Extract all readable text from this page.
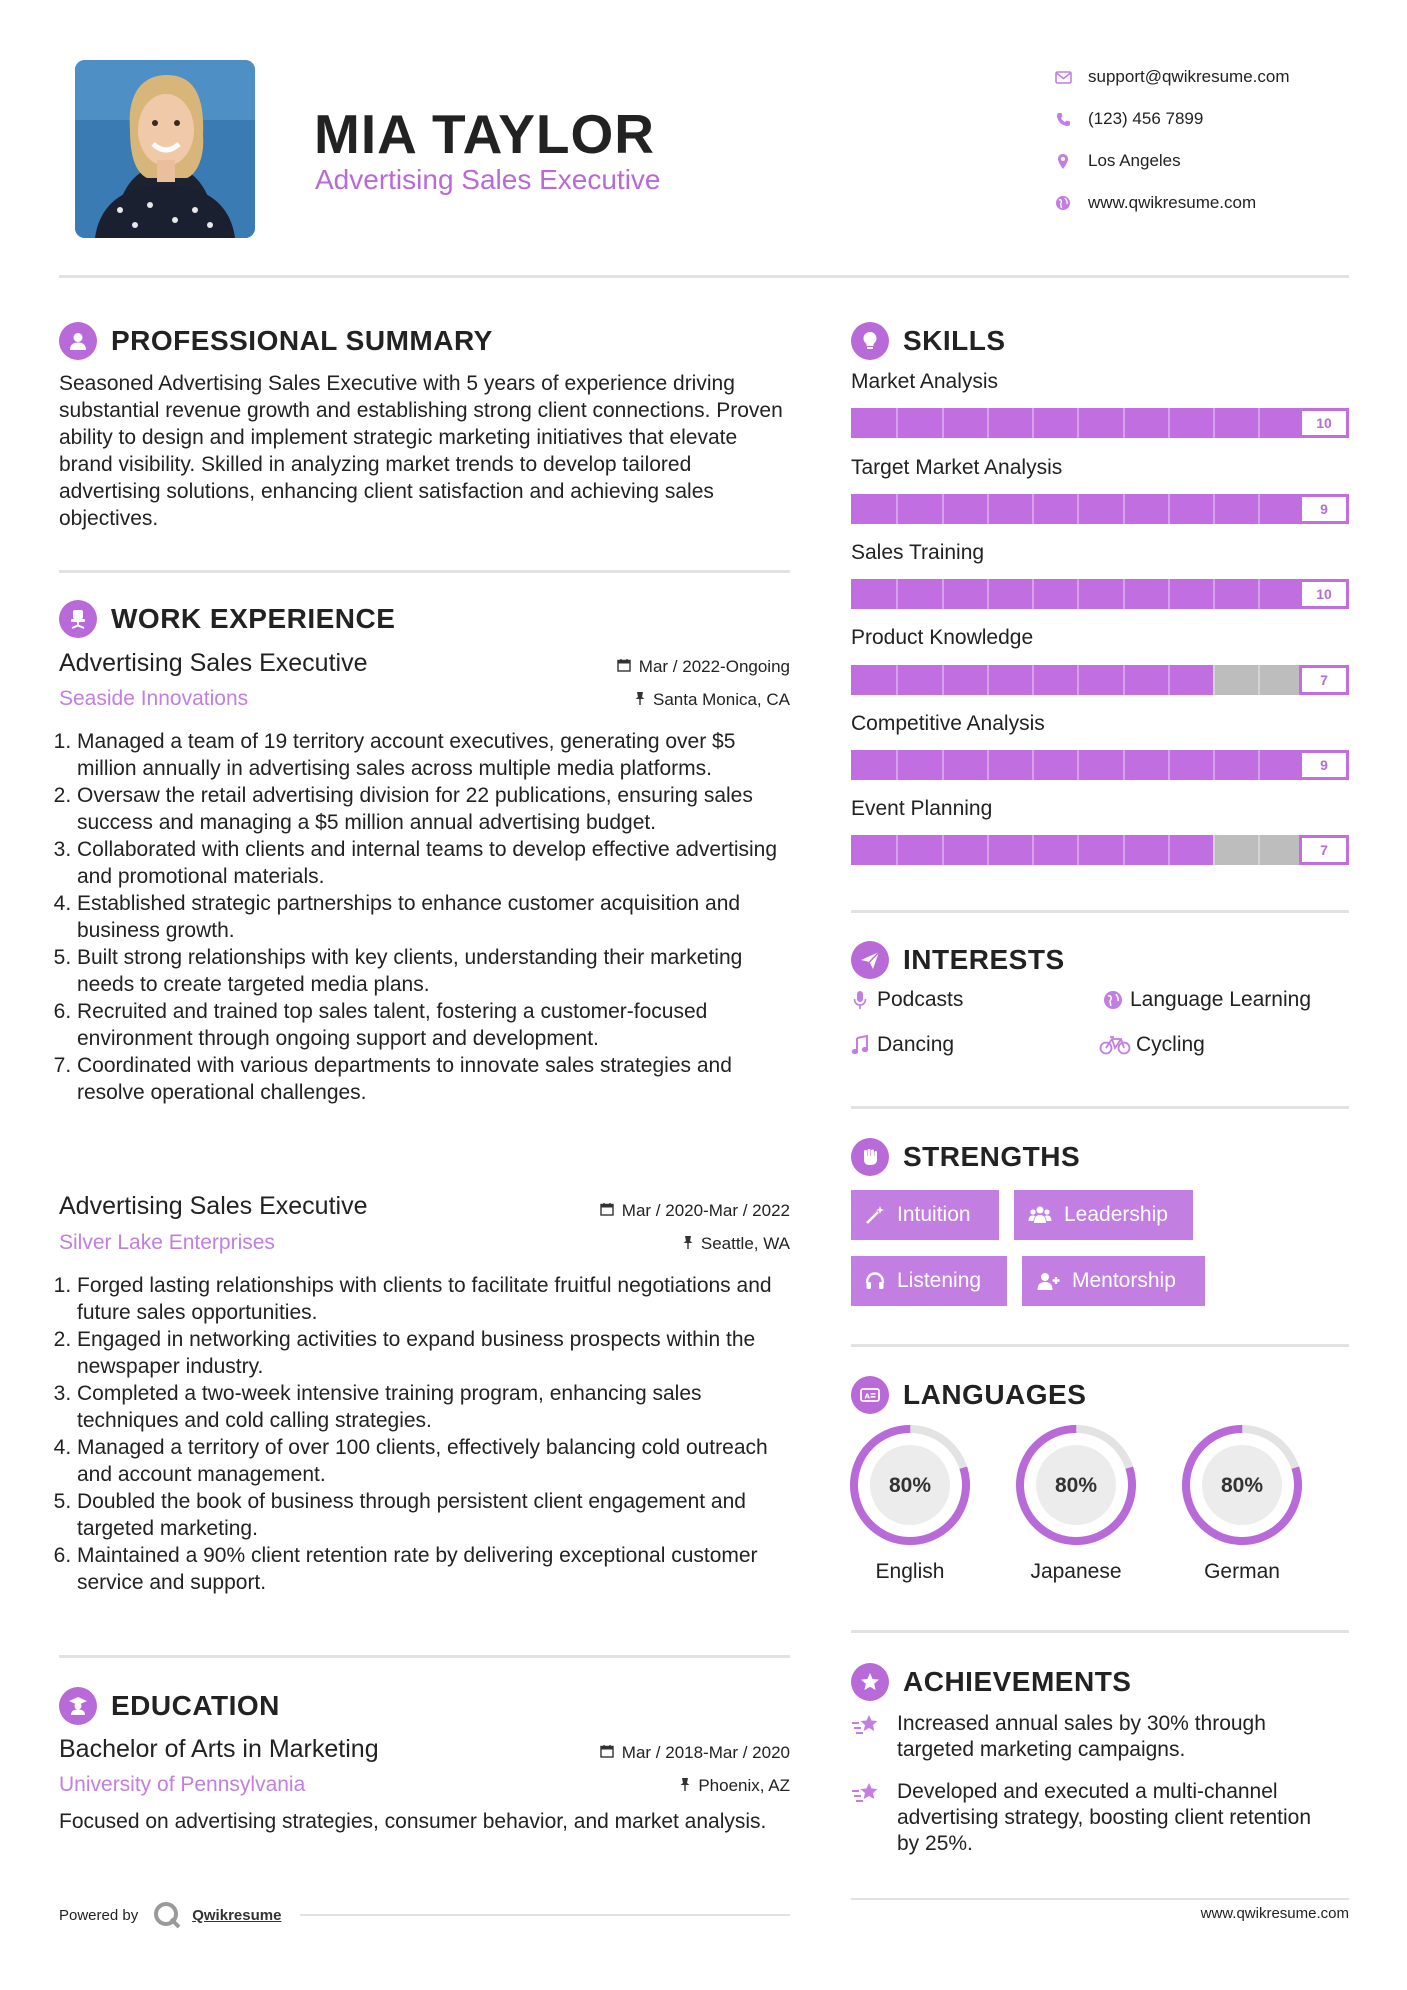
MIA TAYLOR
Advertising Sales Executive
support@qwikresume.com
(123) 456 7899
Los Angeles
www.qwikresume.com
PROFESSIONAL SUMMARY
Seasoned Advertising Sales Executive with 5 years of experience driving substantial revenue growth and establishing strong client connections. Proven ability to design and implement strategic marketing initiatives that elevate brand visibility. Skilled in analyzing market trends to develop tailored advertising solutions, enhancing client satisfaction and achieving sales objectives.
WORK EXPERIENCE
Advertising Sales Executive	Mar / 2022-Ongoing
Seaside Innovations	Santa Monica, CA
1. Managed a team of 19 territory account executives, generating over $5 million annually in advertising sales across multiple media platforms.
2. Oversaw the retail advertising division for 22 publications, ensuring sales success and managing a $5 million annual advertising budget.
3. Collaborated with clients and internal teams to develop effective advertising and promotional materials.
4. Established strategic partnerships to enhance customer acquisition and business growth.
5. Built strong relationships with key clients, understanding their marketing needs to create targeted media plans.
6. Recruited and trained top sales talent, fostering a customer-focused environment through ongoing support and development.
7. Coordinated with various departments to innovate sales strategies and resolve operational challenges.
Advertising Sales Executive	Mar / 2020-Mar / 2022
Silver Lake Enterprises	Seattle, WA
1. Forged lasting relationships with clients to facilitate fruitful negotiations and future sales opportunities.
2. Engaged in networking activities to expand business prospects within the newspaper industry.
3. Completed a two-week intensive training program, enhancing sales techniques and cold calling strategies.
4. Managed a territory of over 100 clients, effectively balancing cold outreach and account management.
5. Doubled the book of business through persistent client engagement and targeted marketing.
6. Maintained a 90% client retention rate by delivering exceptional customer service and support.
EDUCATION
Bachelor of Arts in Marketing	Mar / 2018-Mar / 2020
University of Pennsylvania	Phoenix, AZ
Focused on advertising strategies, consumer behavior, and market analysis.
Powered by	Qwikresume
SKILLS
Market Analysis
10
Target Market Analysis
9
Sales Training
10
Product Knowledge
7
Competitive Analysis
9
Event Planning
7
INTERESTS
Podcasts	Language Learning
Dancing	Cycling
STRENGTHS
Intuition	Leadership
Listening	Mentorship
A LANGUAGES
80%	80%	80%
English	Japanese	German
ACHIEVEMENTS
Increased annual sales by 30% through targeted marketing campaigns.
Developed and executed a multi-channel advertising strategy, boosting client retention by 25%.
www.qwikresume.com
